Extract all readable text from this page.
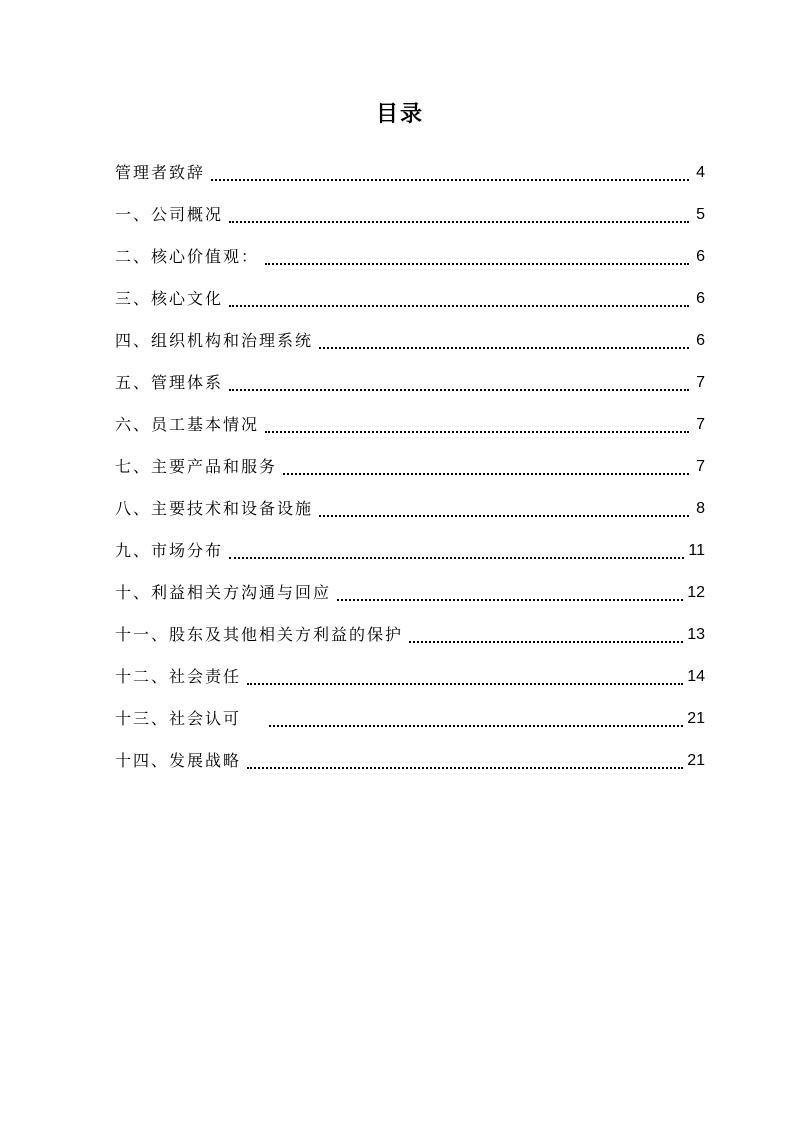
目录
管理者致辞	4
一、公司概况	5
二、核心价值观：	6
三、核心文化	6
四、组织机构和治理系统	6
五、管理体系	7
六、员工基本情况	7
七、主要产品和服务	7
八、主要技术和设备设施	8
九、市场分布	11
十、利益相关方沟通与回应	12
十一、股东及其他相关方利益的保护	13
十二、社会责任	14
十三、社会认可	21
十四、发展战略	21
